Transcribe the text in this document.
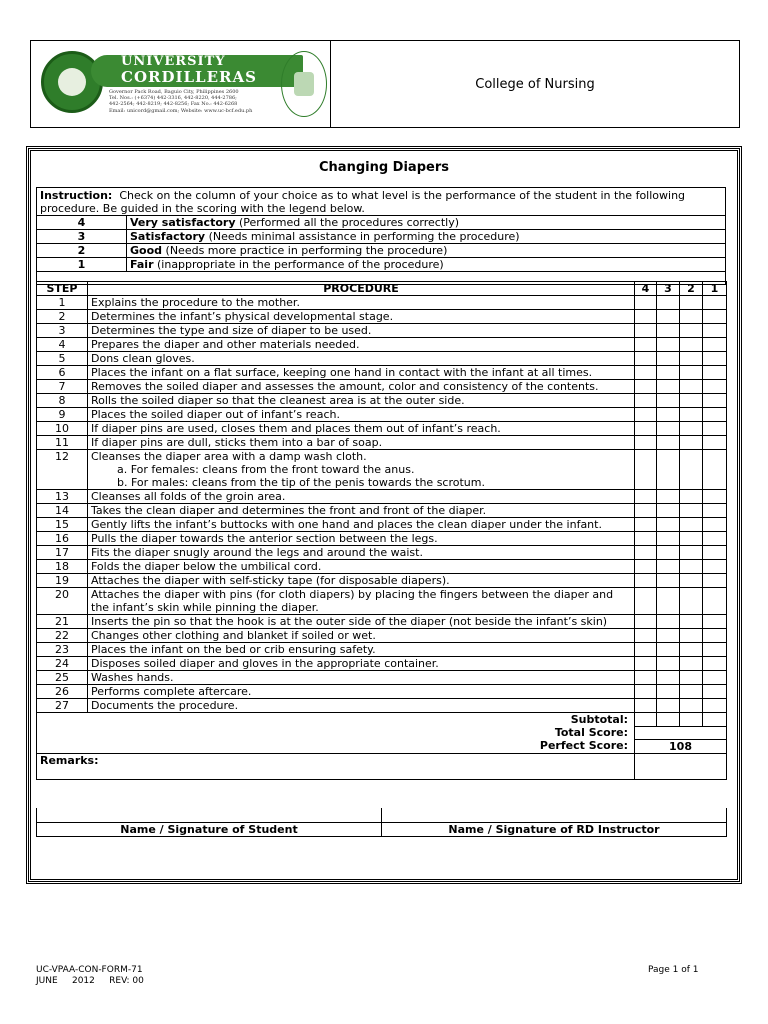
UNIVERSITY
CORDILLERAS
Governor Pack Road, Baguio City, Philippines 2600
Tel. Nos.: (+6374) 442-3316, 442-8220, 444-2786;
442-2564; 442-8219; 442-8256; Fax No.: 442-6268
Email: unicord@gmail.com; Website: www.uc-bcf.edu.ph
College of Nursing
Changing Diapers
Instruction: Check on the column of your choice as to what level is the performance of the student in the following procedure. Be guided in the scoring with the legend below.	
4	Very satisfactory (Performed all the procedures correctly)
3	Satisfactory (Needs minimal assistance in performing the procedure)
2	Good (Needs more practice in performing the procedure)
1	Fair (inappropriate in the performance of the procedure)

STEP	PROCEDURE	4	3	2	1
1	Explains the procedure to the mother.				
2	Determines the infant’s physical developmental stage.				
3	Determines the type and size of diaper to be used.				
4	Prepares the diaper and other materials needed.				
5	Dons clean gloves.				
6	Places the infant on a flat surface, keeping one hand in contact with the infant at all times.				
7	Removes the soiled diaper and assesses the amount, color and consistency of the contents.				
8	Rolls the soiled diaper so that the cleanest area is at the outer side.				
9	Places the soiled diaper out of infant’s reach.				
10	If diaper pins are used, closes them and places them out of infant’s reach.				
11	If diaper pins are dull, sticks them into a bar of soap.				
12	Cleanses the diaper area with a damp wash cloth.
a. For females: cleans from the front toward the anus.
b. For males: cleans from the tip of the penis towards the scrotum.				

13	Cleanses all folds of the groin area.				
14	Takes the clean diaper and determines the front and front of the diaper.				
15	Gently lifts the infant’s buttocks with one hand and places the clean diaper under the infant.				
16	Pulls the diaper towards the anterior section between the legs.				
17	Fits the diaper snugly around the legs and around the waist.				
18	Folds the diaper below the umbilical cord.				
19	Attaches the diaper with self-sticky tape (for disposable diapers).				
20	Attaches the diaper with pins (for cloth diapers) by placing the fingers between the diaper and the infant’s skin while pinning the diaper.				
21	Inserts the pin so that the hook is at the outer side of the diaper (not beside the infant’s skin)				
22	Changes other clothing and blanket if soiled or wet.				
23	Places the infant on the bed or crib ensuring safety.				
24	Disposes soiled diaper and gloves in the appropriate container.				
25	Washes hands.				
26	Performs complete aftercare.				
27	Documents the procedure.				
Subtotal:					
Total Score:					
Perfect Score:		108			
Remarks:					

Name / Signature of Student	Name / Signature of RD Instructor
UC-VPAA-CON-FORM-71
JUNE     2012     REV: 00
Page 1 of 1
